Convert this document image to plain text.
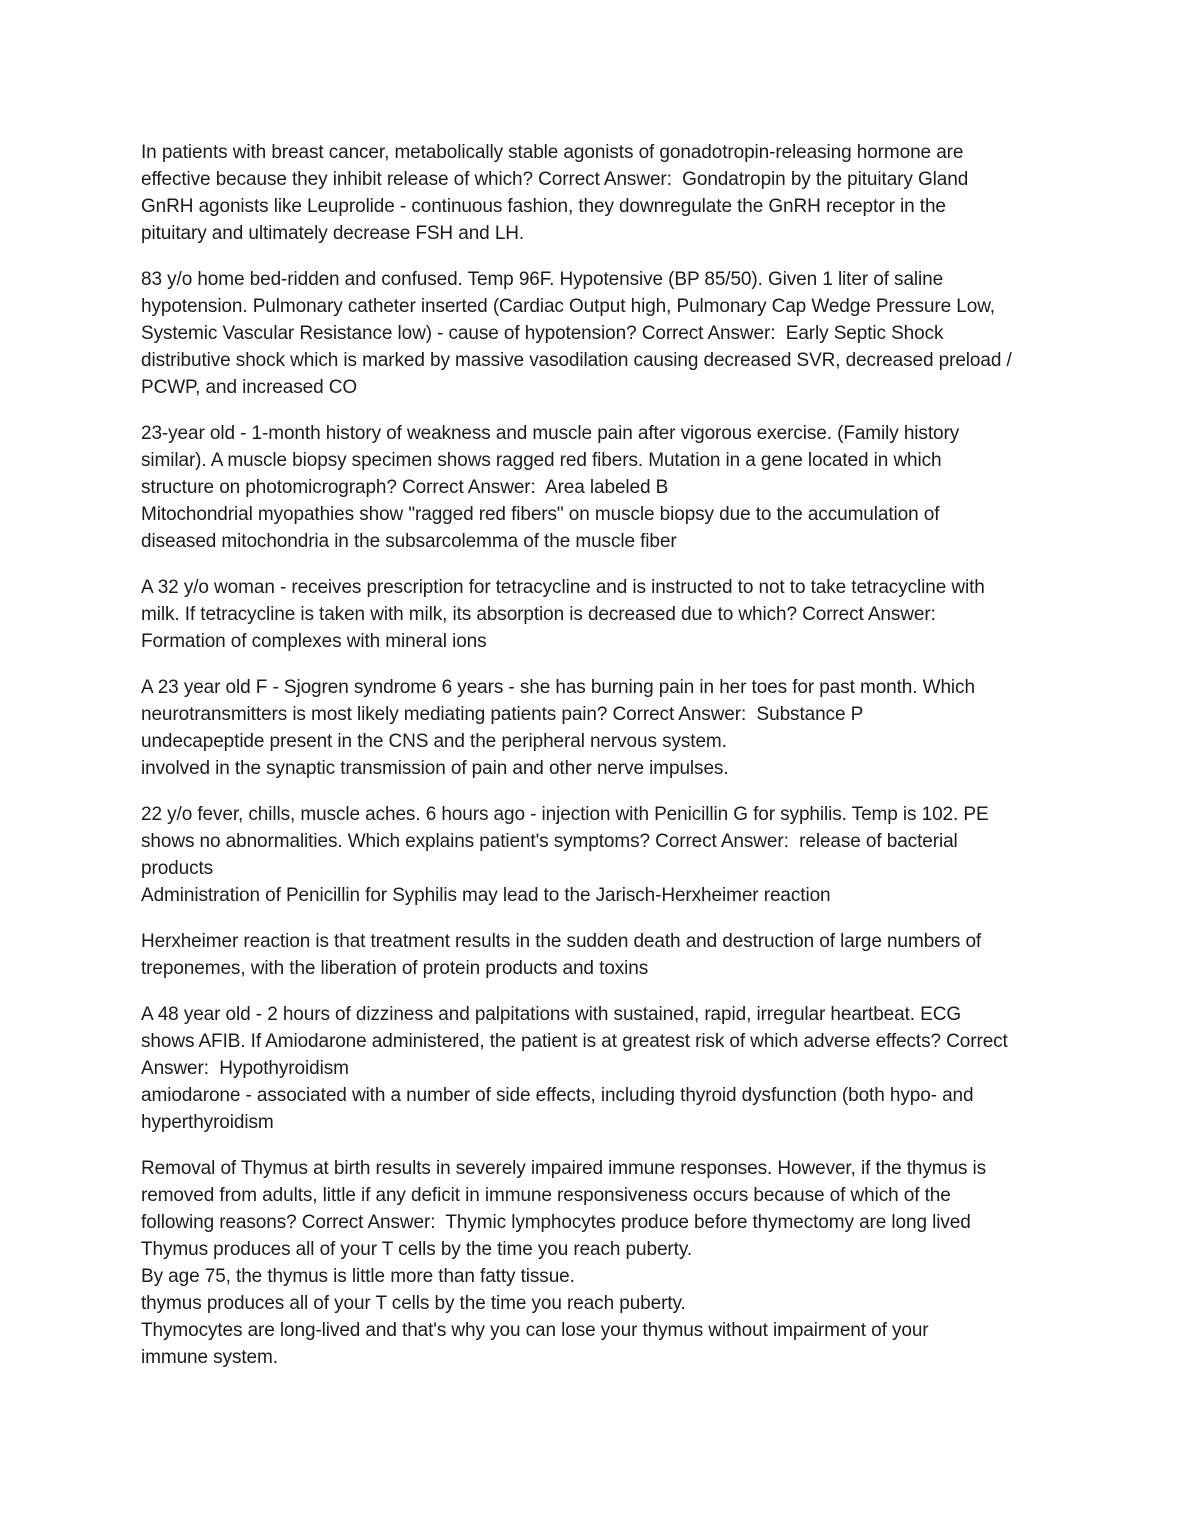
In patients with breast cancer, metabolically stable agonists of gonadotropin-releasing hormone are
effective because they inhibit release of which? Correct Answer:  Gondatropin by the pituitary Gland
GnRH agonists like Leuprolide - continuous fashion, they downregulate the GnRH receptor in the
pituitary and ultimately decrease FSH and LH.
83 y/o home bed-ridden and confused. Temp 96F. Hypotensive (BP 85/50). Given 1 liter of saline
hypotension. Pulmonary catheter inserted (Cardiac Output high, Pulmonary Cap Wedge Pressure Low,
Systemic Vascular Resistance low) - cause of hypotension? Correct Answer:  Early Septic Shock
distributive shock which is marked by massive vasodilation causing decreased SVR, decreased preload /
PCWP, and increased CO
23-year old - 1-month history of weakness and muscle pain after vigorous exercise. (Family history
similar). A muscle biopsy specimen shows ragged red fibers. Mutation in a gene located in which
structure on photomicrograph? Correct Answer:  Area labeled B
Mitochondrial myopathies show "ragged red fibers" on muscle biopsy due to the accumulation of
diseased mitochondria in the subsarcolemma of the muscle fiber
A 32 y/o woman - receives prescription for tetracycline and is instructed to not to take tetracycline with
milk. If tetracycline is taken with milk, its absorption is decreased due to which? Correct Answer:
Formation of complexes with mineral ions
A 23 year old F - Sjogren syndrome 6 years - she has burning pain in her toes for past month. Which
neurotransmitters is most likely mediating patients pain? Correct Answer:  Substance P
undecapeptide present in the CNS and the peripheral nervous system.
involved in the synaptic transmission of pain and other nerve impulses.
22 y/o fever, chills, muscle aches. 6 hours ago - injection with Penicillin G for syphilis. Temp is 102. PE
shows no abnormalities. Which explains patient's symptoms? Correct Answer:  release of bacterial
products
Administration of Penicillin for Syphilis may lead to the Jarisch-Herxheimer reaction
Herxheimer reaction is that treatment results in the sudden death and destruction of large numbers of
treponemes, with the liberation of protein products and toxins
A 48 year old - 2 hours of dizziness and palpitations with sustained, rapid, irregular heartbeat. ECG
shows AFIB. If Amiodarone administered, the patient is at greatest risk of which adverse effects? Correct
Answer:  Hypothyroidism
amiodarone - associated with a number of side effects, including thyroid dysfunction (both hypo- and
hyperthyroidism
Removal of Thymus at birth results in severely impaired immune responses. However, if the thymus is
removed from adults, little if any deficit in immune responsiveness occurs because of which of the
following reasons? Correct Answer:  Thymic lymphocytes produce before thymectomy are long lived
Thymus produces all of your T cells by the time you reach puberty.
By age 75, the thymus is little more than fatty tissue.
thymus produces all of your T cells by the time you reach puberty.
Thymocytes are long-lived and that's why you can lose your thymus without impairment of your
immune system.
